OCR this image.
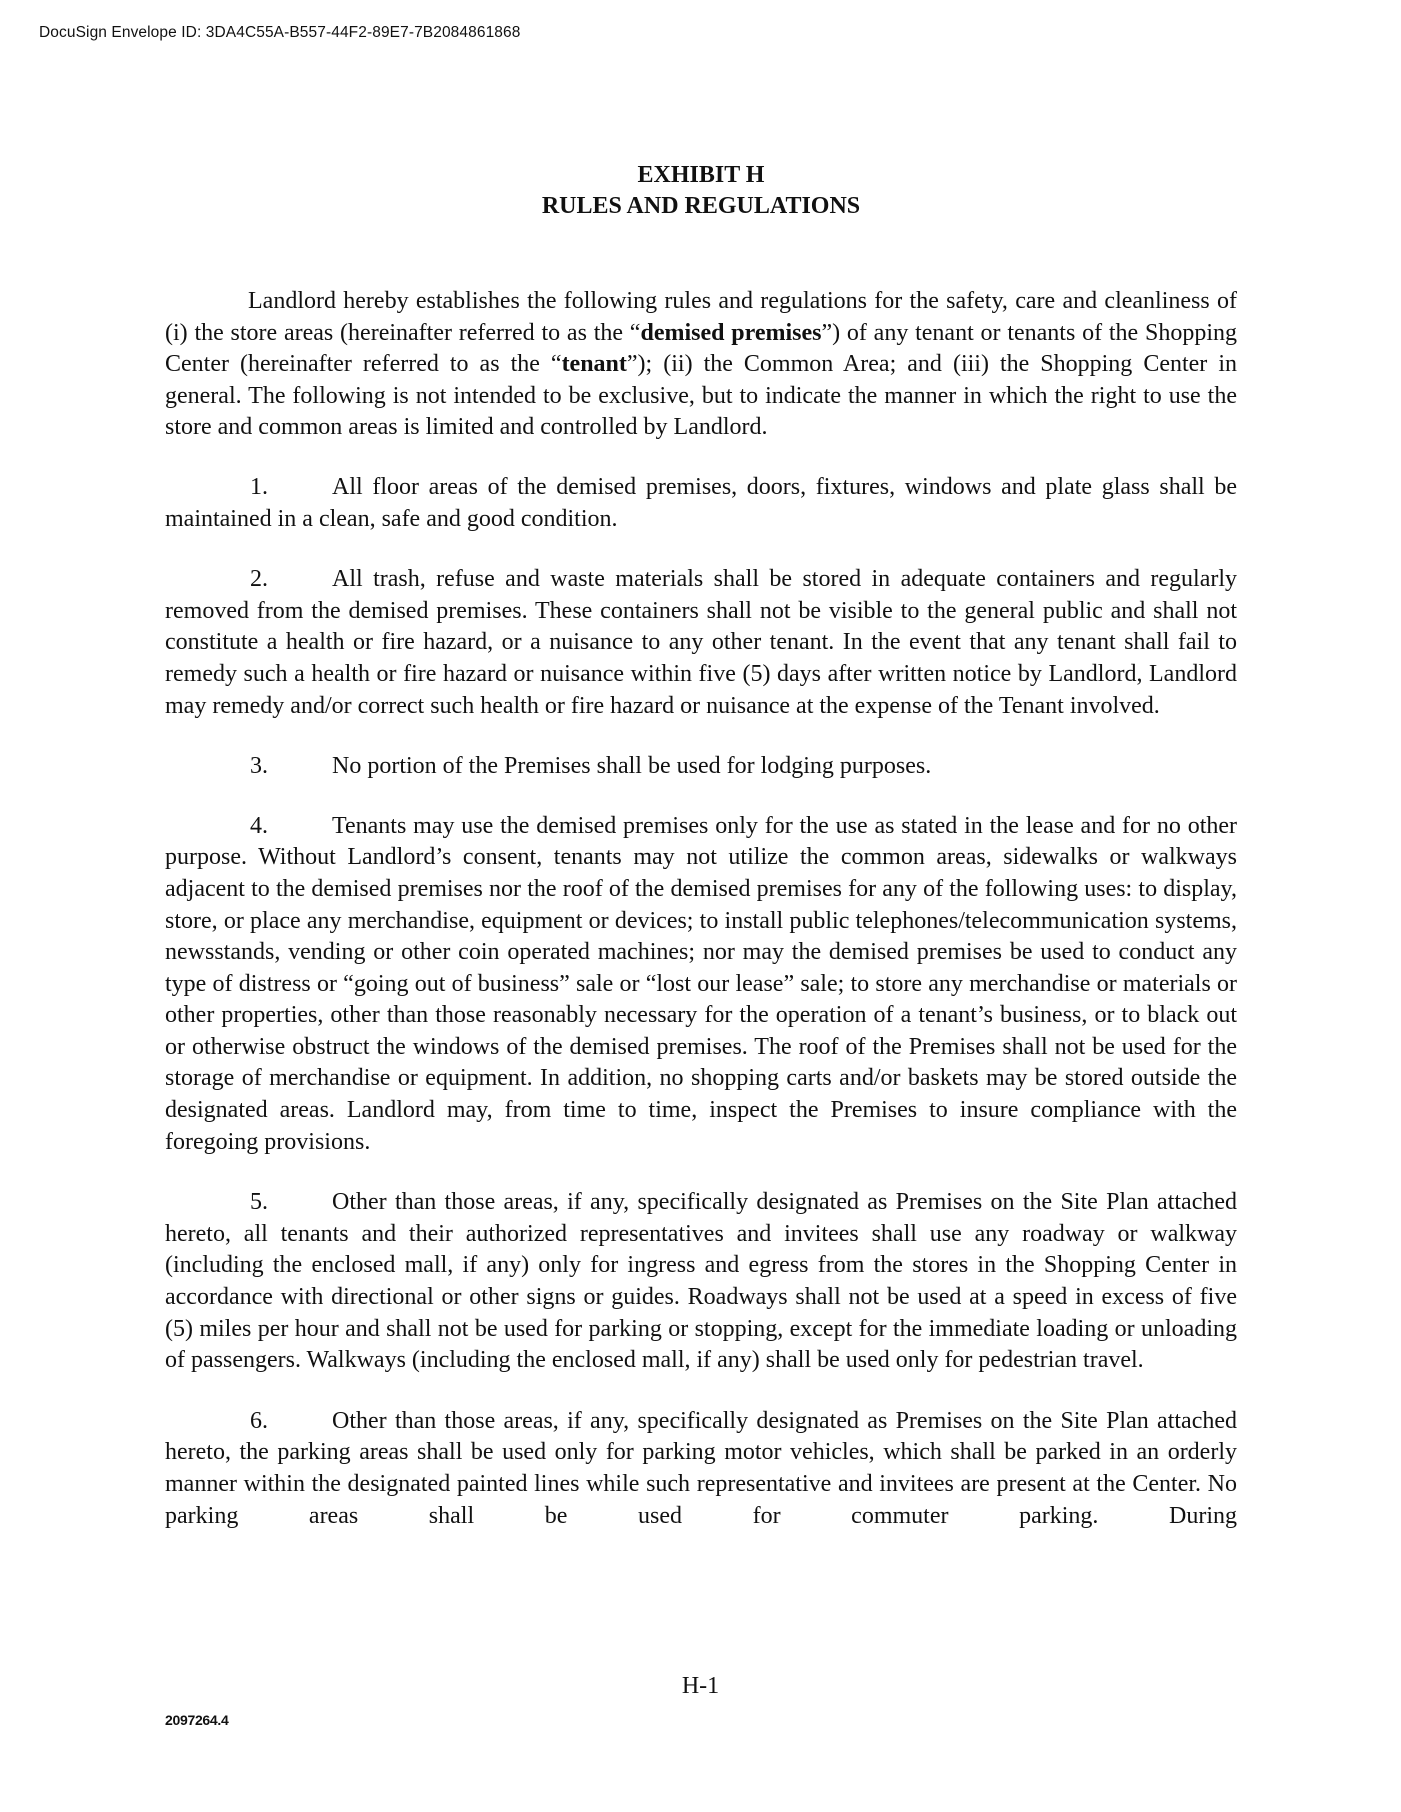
DocuSign Envelope ID: 3DA4C55A-B557-44F2-89E7-7B2084861868

EXHIBIT H

RULES AND REGULATIONS

Landlord hereby establishes the following rules and regulations for the safety, care and cleanliness of (i) the store areas (hereinafter referred to as the “demised premises”) of any tenant or tenants of the Shopping Center (hereinafter referred to as the “tenant”); (ii) the Common Area; and (iii) the Shopping Center in general. The following is not intended to be exclusive, but to indicate the manner in which the right to use the store and common areas is limited and controlled by Landlord.

1.	All floor areas of the demised premises, doors, fixtures, windows and plate glass shall be maintained in a clean, safe and good condition.

2.	All trash, refuse and waste materials shall be stored in adequate containers and regularly removed from the demised premises. These containers shall not be visible to the general public and shall not constitute a health or fire hazard, or a nuisance to any other tenant. In the event that any tenant shall fail to remedy such a health or fire hazard or nuisance within five (5) days after written notice by Landlord, Landlord may remedy and/or correct such health or fire hazard or nuisance at the expense of the Tenant involved.

3.	No portion of the Premises shall be used for lodging purposes.

4.	Tenants may use the demised premises only for the use as stated in the lease and for no other purpose. Without Landlord’s consent, tenants may not utilize the common areas, sidewalks or walkways adjacent to the demised premises nor the roof of the demised premises for any of the following uses: to display, store, or place any merchandise, equipment or devices; to install public telephones/telecommunication systems, newsstands, vending or other coin operated machines; nor may the demised premises be used to conduct any type of distress or “going out of business” sale or “lost our lease” sale; to store any merchandise or materials or other properties, other than those reasonably necessary for the operation of a tenant’s business, or to black out or otherwise obstruct the windows of the demised premises. The roof of the Premises shall not be used for the storage of merchandise or equipment. In addition, no shopping carts and/or baskets may be stored outside the designated areas. Landlord may, from time to time, inspect the Premises to insure compliance with the foregoing provisions.

5.	Other than those areas, if any, specifically designated as Premises on the Site Plan attached hereto, all tenants and their authorized representatives and invitees shall use any roadway or walkway (including the enclosed mall, if any) only for ingress and egress from the stores in the Shopping Center in accordance with directional or other signs or guides. Roadways shall not be used at a speed in excess of five (5) miles per hour and shall not be used for parking or stopping, except for the immediate loading or unloading of passengers. Walkways (including the enclosed mall, if any) shall be used only for pedestrian travel.

6.	Other than those areas, if any, specifically designated as Premises on the Site Plan attached hereto, the parking areas shall be used only for parking motor vehicles, which shall be parked in an orderly manner within the designated painted lines while such representative and invitees are present at the Center. No parking areas shall be used for commuter parking. During

H-1
2097264.4
